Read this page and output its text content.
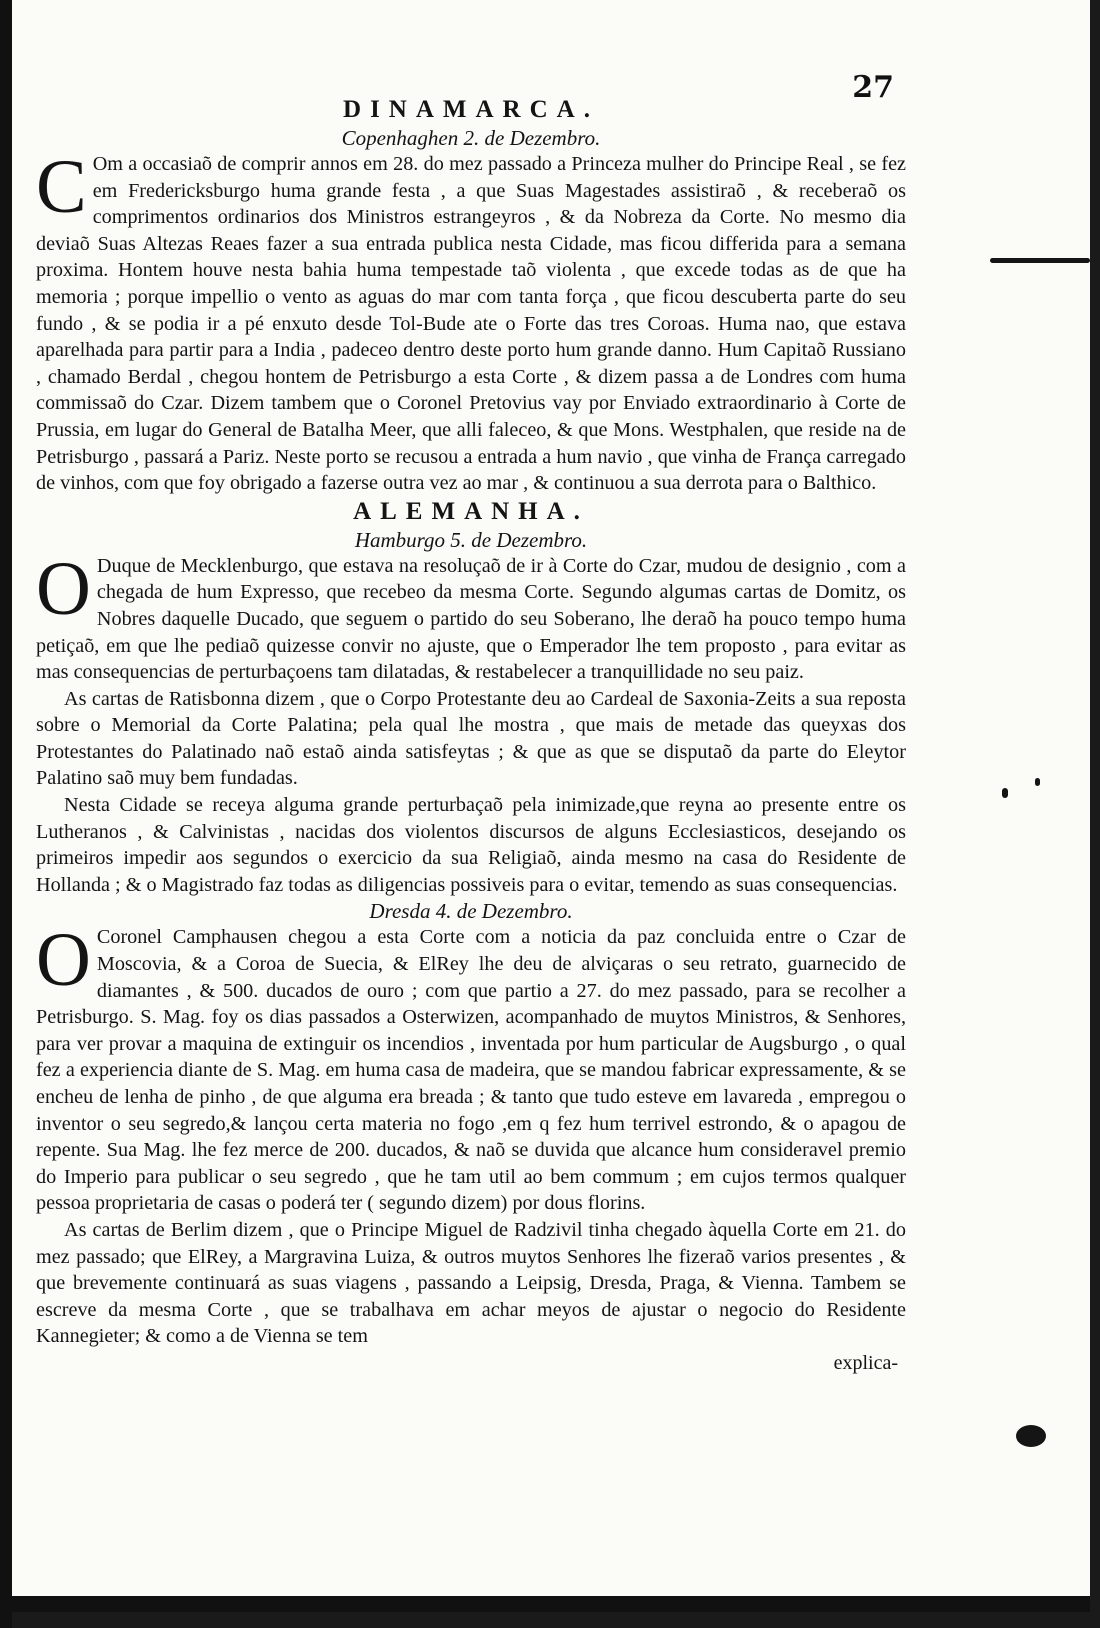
27
DINAMARCA.

Copenhaghen 2. de Dezembro.

C Om a occasiaõ de comprir annos em 28. do mez passado a Princeza mulher do Principe Real , se fez em Fredericksburgo huma grande festa , a que Suas Magestades assistiraõ , & receberaõ os comprimentos ordinarios dos Ministros estrangeyros , & da Nobreza da Corte. No mesmo dia deviaõ Suas Altezas Reaes fazer a sua entrada publica nesta Cidade, mas ficou differida para a semana proxima. Hontem houve nesta bahia huma tempestade taõ violenta , que excede todas as de que ha memoria ; porque impellio o vento as aguas do mar com tanta força , que ficou descuberta parte do seu fundo , & se podia ir a pé enxuto desde Tol-Bude ate o Forte das tres Coroas. Huma nao, que estava aparelhada para partir para a India , padeceo dentro deste porto hum grande danno. Hum Capitaõ Russiano , chamado Berdal , chegou hontem de Petrisburgo a esta Corte , & dizem passa a de Londres com huma commissaõ do Czar. Dizem tambem que o Coronel Pretovius vay por Enviado extraordinario à Corte de Prussia, em lugar do General de Batalha Meer, que alli faleceo, & que Mons. Westphalen, que reside na de Petrisburgo , passará a Pariz. Neste porto se recusou a entrada a hum navio , que vinha de França carregado de vinhos, com que foy obrigado a fazerse outra vez ao mar , & continuou a sua derrota para o Balthico.

ALEMANHA.

Hamburgo 5. de Dezembro.

O Duque de Mecklenburgo, que estava na resoluçaõ de ir à Corte do Czar, mudou de designio , com a chegada de hum Expresso, que recebeo da mesma Corte. Segundo algumas cartas de Domitz, os Nobres daquelle Ducado, que seguem o partido do seu Soberano, lhe deraõ ha pouco tempo huma petiçaõ, em que lhe pediaõ quizesse convir no ajuste, que o Emperador lhe tem proposto , para evitar as mas consequencias de perturbaçoens tam dilatadas, & restabelecer a tranquillidade no seu paiz.

As cartas de Ratisbonna dizem , que o Corpo Protestante deu ao Cardeal de Saxonia-Zeits a sua reposta sobre o Memorial da Corte Palatina; pela qual lhe mostra , que mais de metade das queyxas dos Protestantes do Palatinado naõ estaõ ainda satisfeytas ; & que as que se disputaõ da parte do Eleytor Palatino saõ muy bem fundadas.

Nesta Cidade se receya alguma grande perturbaçaõ pela inimizade,que reyna ao presente entre os Lutheranos , & Calvinistas , nacidas dos violentos discursos de alguns Ecclesiasticos, desejando os primeiros impedir aos segundos o exercicio da sua Religiaõ, ainda mesmo na casa do Residente de Hollanda ; & o Magistrado faz todas as diligencias possiveis para o evitar, temendo as suas consequencias.

Dresda 4. de Dezembro.

O Coronel Camphausen chegou a esta Corte com a noticia da paz concluida entre o Czar de Moscovia, & a Coroa de Suecia, & ElRey lhe deu de alviçaras o seu retrato, guarnecido de diamantes , & 500. ducados de ouro ; com que partio a 27. do mez passado, para se recolher a Petrisburgo. S. Mag. foy os dias passados a Osterwizen, acompanhado de muytos Ministros, & Senhores, para ver provar a maquina de extinguir os incendios , inventada por hum particular de Augsburgo , o qual fez a experiencia diante de S. Mag. em huma casa de madeira, que se mandou fabricar expressamente, & se encheu de lenha de pinho , de que alguma era breada ; & tanto que tudo esteve em lavareda , empregou o inventor o seu segredo,& lançou certa materia no fogo ,em q fez hum terrivel estrondo, & o apagou de repente. Sua Mag. lhe fez merce de 200. ducados, & naõ se duvida que alcance hum consideravel premio do Imperio para publicar o seu segredo , que he tam util ao bem commum ; em cujos termos qualquer pessoa proprietaria de casas o poderá ter ( segundo dizem) por dous florins.

As cartas de Berlim dizem , que o Principe Miguel de Radzivil tinha chegado àquella Corte em 21. do mez passado; que ElRey, a Margravina Luiza, & outros muytos Senhores lhe fizeraõ varios presentes , & que brevemente continuará as suas viagens , passando a Leipsig, Dresda, Praga, & Vienna. Tambem se escreve da mesma Corte , que se trabalhava em achar meyos de ajustar o negocio do Residente Kannegieter; & como a de Vienna se tem

explica-
